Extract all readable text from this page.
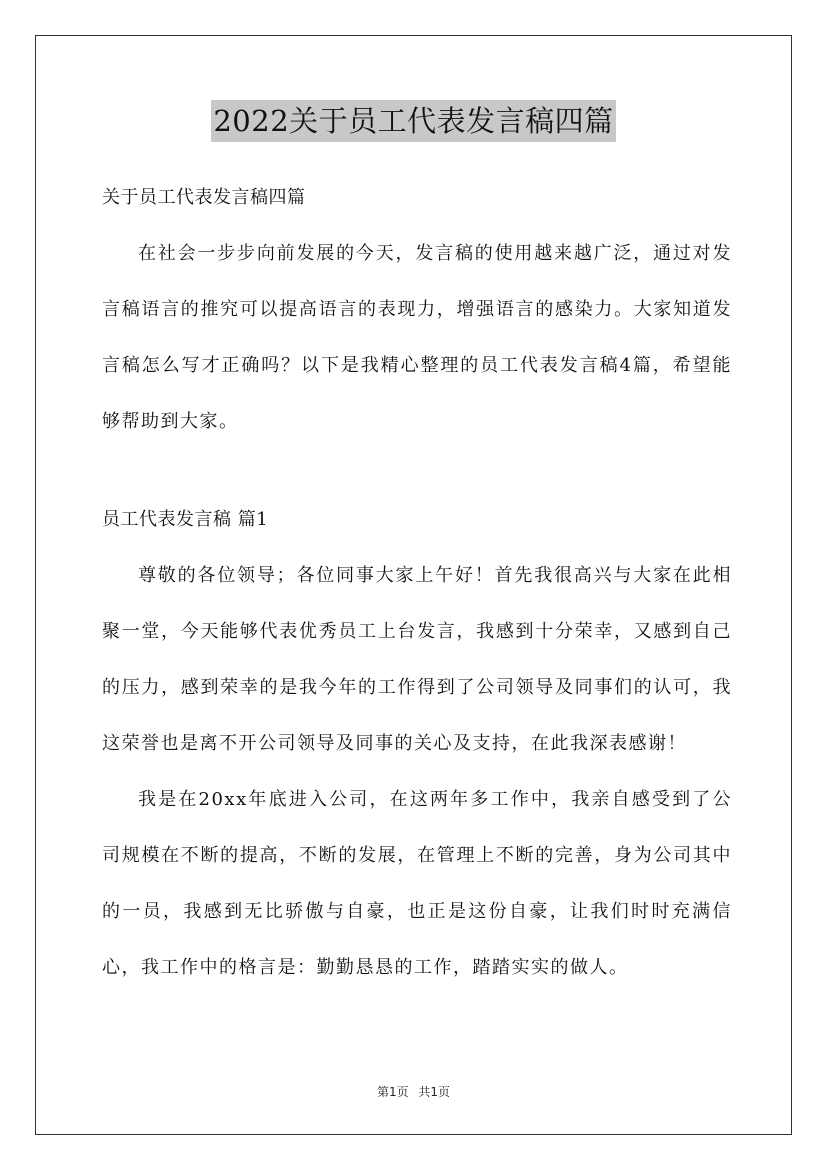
2022关于员工代表发言稿四篇

关于员工代表发言稿四篇

在社会一步步向前发展的今天，发言稿的使用越来越广泛，通过对发言稿语言的推究可以提高语言的表现力，增强语言的感染力。大家知道发言稿怎么写才正确吗？以下是我精心整理的员工代表发言稿4篇，希望能够帮助到大家。

员工代表发言稿 篇1

尊敬的各位领导；各位同事大家上午好！首先我很高兴与大家在此相聚一堂，今天能够代表优秀员工上台发言，我感到十分荣幸，又感到自己的压力，感到荣幸的是我今年的工作得到了公司领导及同事们的认可，我这荣誉也是离不开公司领导及同事的关心及支持，在此我深表感谢！

我是在20xx年底进入公司，在这两年多工作中，我亲自感受到了公司规模在不断的提高，不断的发展，在管理上不断的完善，身为公司其中的一员，我感到无比骄傲与自豪，也正是这份自豪，让我们时时充满信心，我工作中的格言是：勤勤恳恳的工作，踏踏实实的做人。

第1页 共1页
